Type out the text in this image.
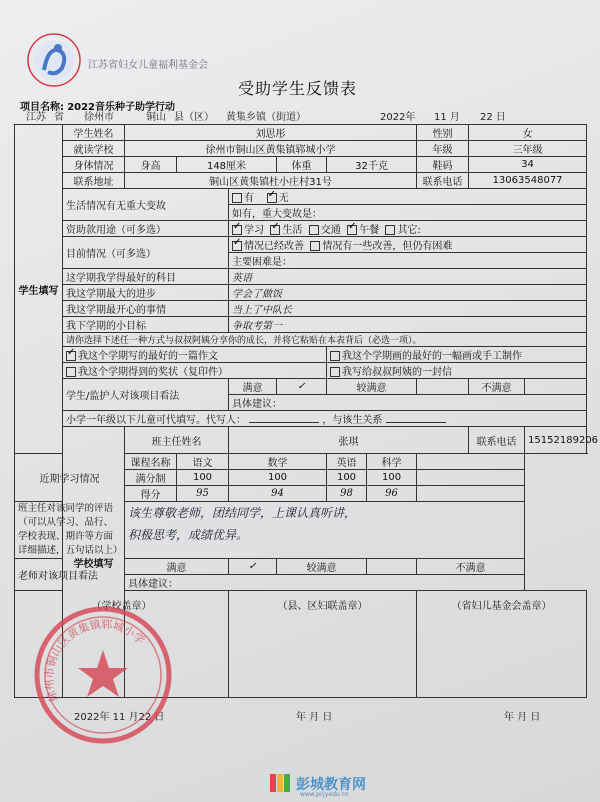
江苏省妇女儿童福利基金会
受助学生反馈表
项目名称: 2022音乐种子助学行动
江苏 省 徐州市	铜山 县（区） 黄集乡镇（街道）	2022年 11 月 22 日
学生填写	学生姓名	刘思彤						性别	女	
	就读学校	徐州市铜山区黄集镇郓城小学						年级	三年级	
	身体情况	身高	148厘米		体重	32千克		鞋码	34	
	联系地址	铜山区黄集镇杜小庄村31号						联系电话	13063548077	
	生活情况有无重大变故			有 ✓ 无
				如有，重大变故是：						
	资助款用途（可多选）	✓学习 ✓ 生活 交通 ✓ 午餐 其它:
	目前情况（可多选）	✓情况已经改善 情况有一些改善，但仍有困难
				主要困难是：						
	这学期我学得最好的科目			英语						
	我这学期最大的进步			学会了做饭						
	我这学期最开心的事情			当上了中队长						
	我下学期的小目标			争取考第一						
	请你选择下述任一种方式与叔叔阿姨分享你的成长，并将它粘贴在本表背后（必选一项）。									
✓我这个学期写的最好的一篇作文					我这个学期画的最好的一幅画或手工制作				
	我这个学期得到的奖状（复印件）					我写给叔叔阿姨的一封信				
	学生/监护人对该项目看法			满意	✓	较满意			不满意	
				具体建议：						

	小学一年级以下儿童可代填写。代写人： ，与该生关系									
	学校填写	班主任姓名		张琪					联系电话	15152189206
近期学习情况		课程名称	语文	数学		英语	科学			
		满分制	100	100		100	100			
		得分	95	94		98	96			
班主任对该同学的评语（可以从学习、品行、学校表现、期许等方面详细描述，五句话以上）		该生尊敬老师，团结同学，上课认真听讲，
积极思考，成绩优异。								

老师对该项目看法		满意		✓	较满意			不满意		
		具体建议：								
（学校盖章）				（县、区妇联盖章）				（省妇儿基金会盖章）		
2022年 11 月22 日	年 月 日	年 月 日
徐州市铜山区黄集镇郓城小学
彭城教育网
www.pcjyedu.cn
